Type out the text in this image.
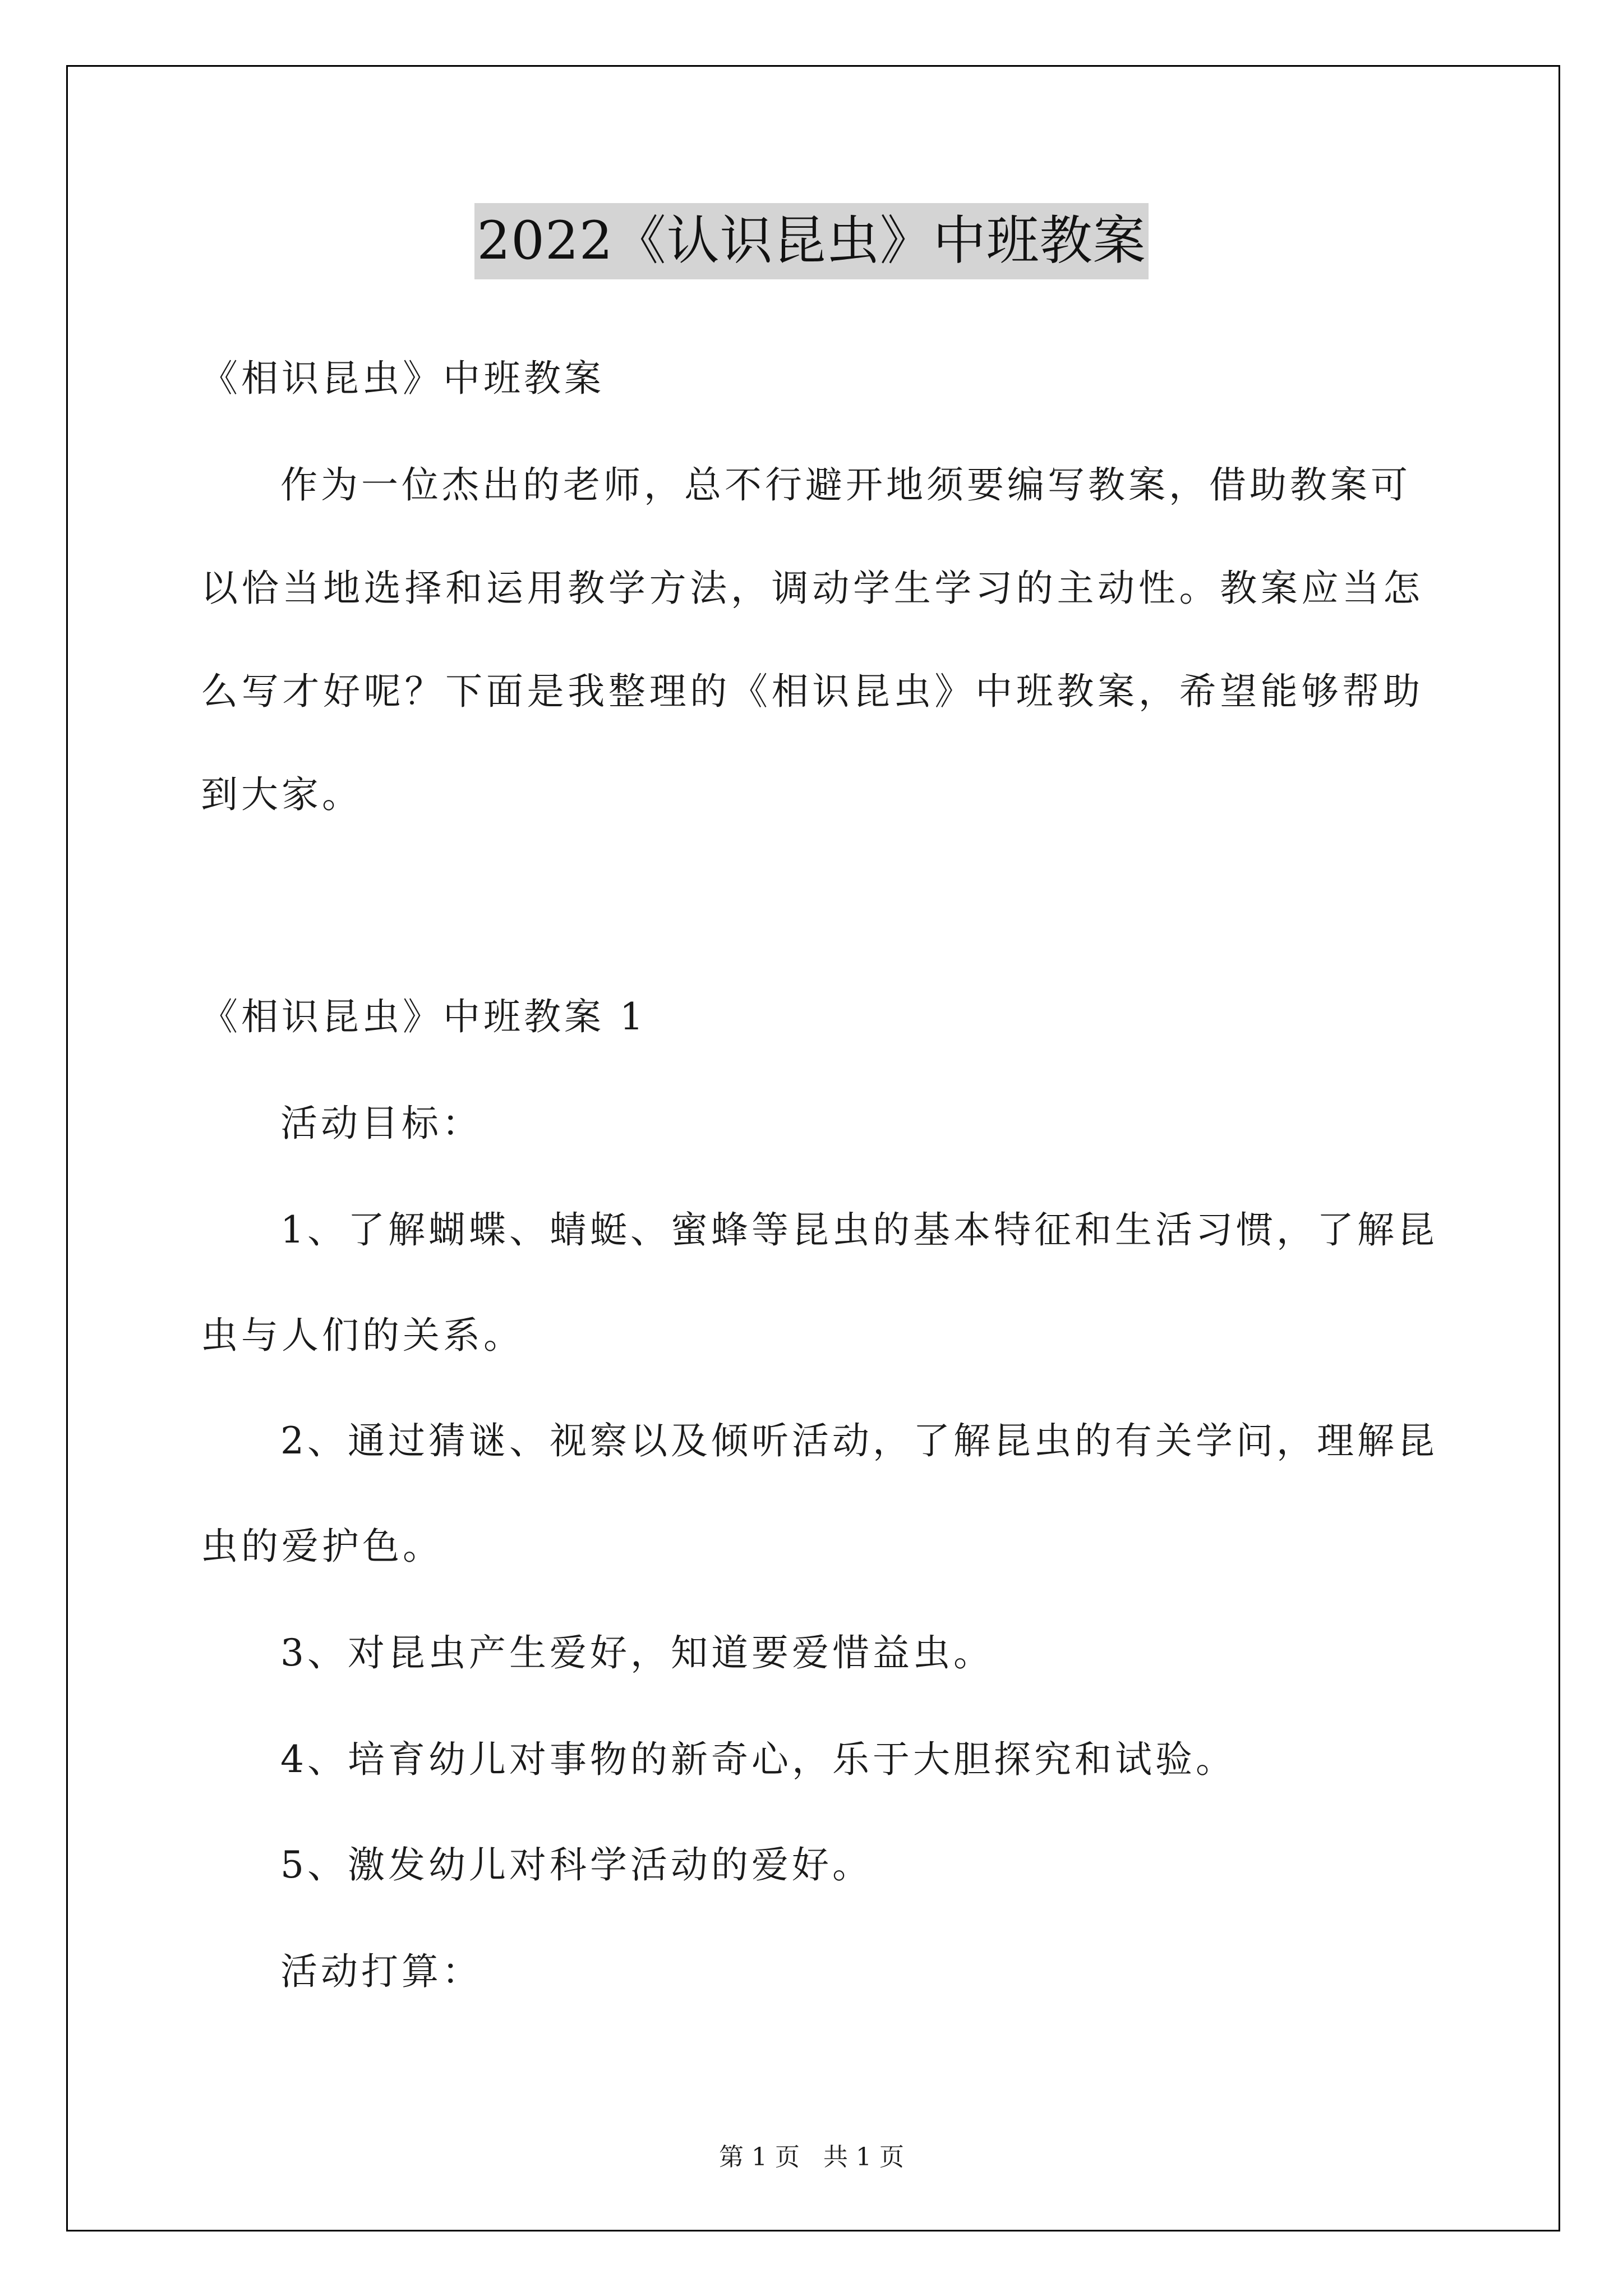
2022《认识昆虫》中班教案
《相识昆虫》中班教案
作为一位杰出的老师，总不行避开地须要编写教案，借助教案可
以恰当地选择和运用教学方法，调动学生学习的主动性。教案应当怎
么写才好呢？下面是我整理的《相识昆虫》中班教案，希望能够帮助
到大家。
《相识昆虫》中班教案 1
活动目标：
1、了解蝴蝶、蜻蜓、蜜蜂等昆虫的基本特征和生活习惯，了解昆
虫与人们的关系。
2、通过猜谜、视察以及倾听活动，了解昆虫的有关学问，理解昆
虫的爱护色。
3、对昆虫产生爱好，知道要爱惜益虫。
4、培育幼儿对事物的新奇心，乐于大胆探究和试验。
5、激发幼儿对科学活动的爱好。
活动打算：
第 1 页   共 1 页
